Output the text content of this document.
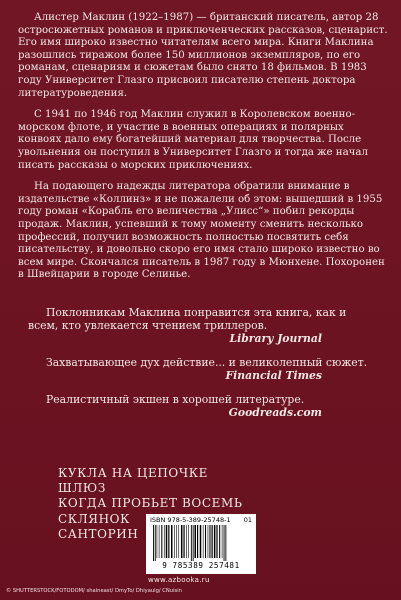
Алистер Маклин (1922–1987) — британский писатель, автор 28 остросюжетных романов и приключенческих рассказов, сценарист. Его имя широко известно читателям всего мира. Книги Маклина разошлись тиражом более 150 миллионов экземпляров, по его романам, сценариям и сюжетам было снято 18 фильмов. В 1983 году Университет Глазго присвоил писателю степень доктора литературоведения.

С 1941 по 1946 год Маклин служил в Королевском военно-морском флоте, и участие в военных операциях и полярных конвоях дало ему богатейший материал для творчества. После увольнения он поступил в Университет Глазго и тогда же начал писать рассказы о морских приключениях.

На подающего надежды литератора обратили внимание в издательстве «Коллинз» и не пожалели об этом: вышедший в 1955 году роман «Корабль его величества „Улисс“» побил рекорды продаж. Маклин, успевший к тому моменту сменить несколько профессий, получил возможность полностью посвятить себя писательству, и довольно скоро его имя стало широко известно во всем мире. Скончался писатель в 1987 году в Мюнхене. Похоронен в Швейцарии в городе Селинье.

Поклонникам Маклина понравится эта книга, как и всем, кто увлекается чтением триллеров.
Library Journal
Захватывающее дух действие... и великолепный сюжет.
Financial Times
Реалистичный экшен в хорошей литературе.
Goodreads.com
КУКЛА НА ЦЕПОЧКЕ
ШЛЮЗ
КОГДА ПРОБЬЕТ ВОСЕМЬ СКЛЯНОК
САНТОРИН
ISBN 978-5-389-25748-1 01
9 785389 257481
www.azbooka.ru
© SHUTTERSTOCK/FOTODOM/ shaineast/ DmyTo/ Dhiyaulg/ CNuisin
